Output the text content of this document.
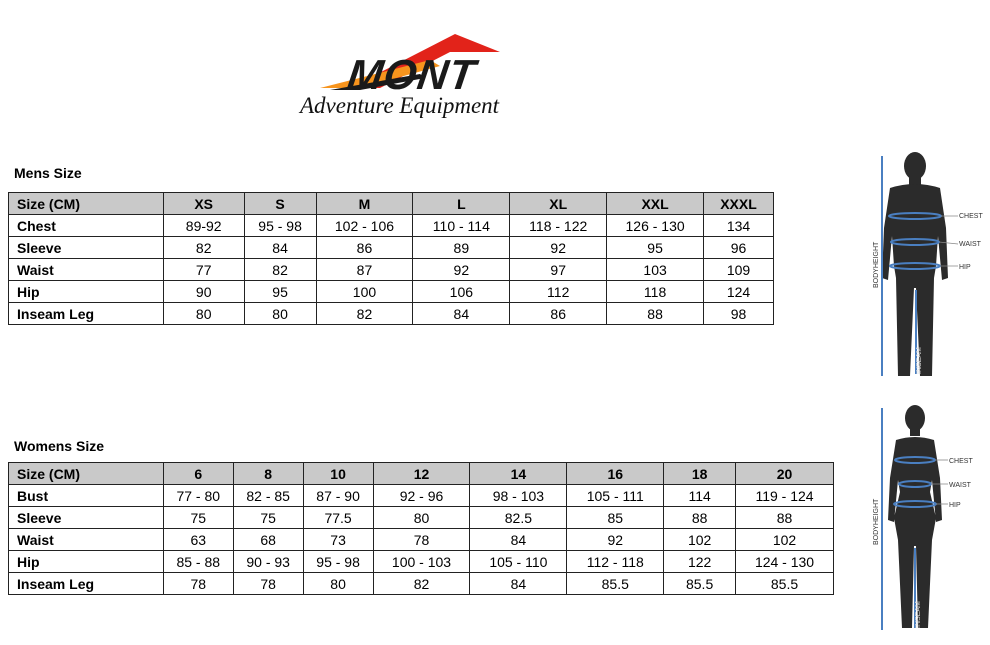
MONT
Adventure Equipment
Mens Size
Size (CM)	XS	S	M	L	XL	XXL	XXXL
Chest	89-92	95 - 98	102 - 106	110 - 114	118 - 122	126 - 130	134
Sleeve	82	84	86	89	92	95	96
Waist	77	82	87	92	97	103	109
Hip	90	95	100	106	112	118	124
Inseam Leg	80	80	82	84	86	88	98
Womens Size
Size (CM)	6	8	10	12	14	16	18	20
Bust	77 - 80	82 - 85	87 - 90	92 - 96	98 - 103	105 - 111	114	119 - 124
Sleeve	75	75	77.5	80	82.5	85	88	88
Waist	63	68	73	78	84	92	102	102
Hip	85 - 88	90 - 93	95 - 98	100 - 103	105 - 110	112 - 118	122	124 - 130
Inseam Leg	78	78	80	82	84	85.5	85.5	85.5
CHEST
WAIST
HIP
BODYHEIGHT
INSEAM
CHEST
WAIST
HIP
BODYHEIGHT
INSEAM
